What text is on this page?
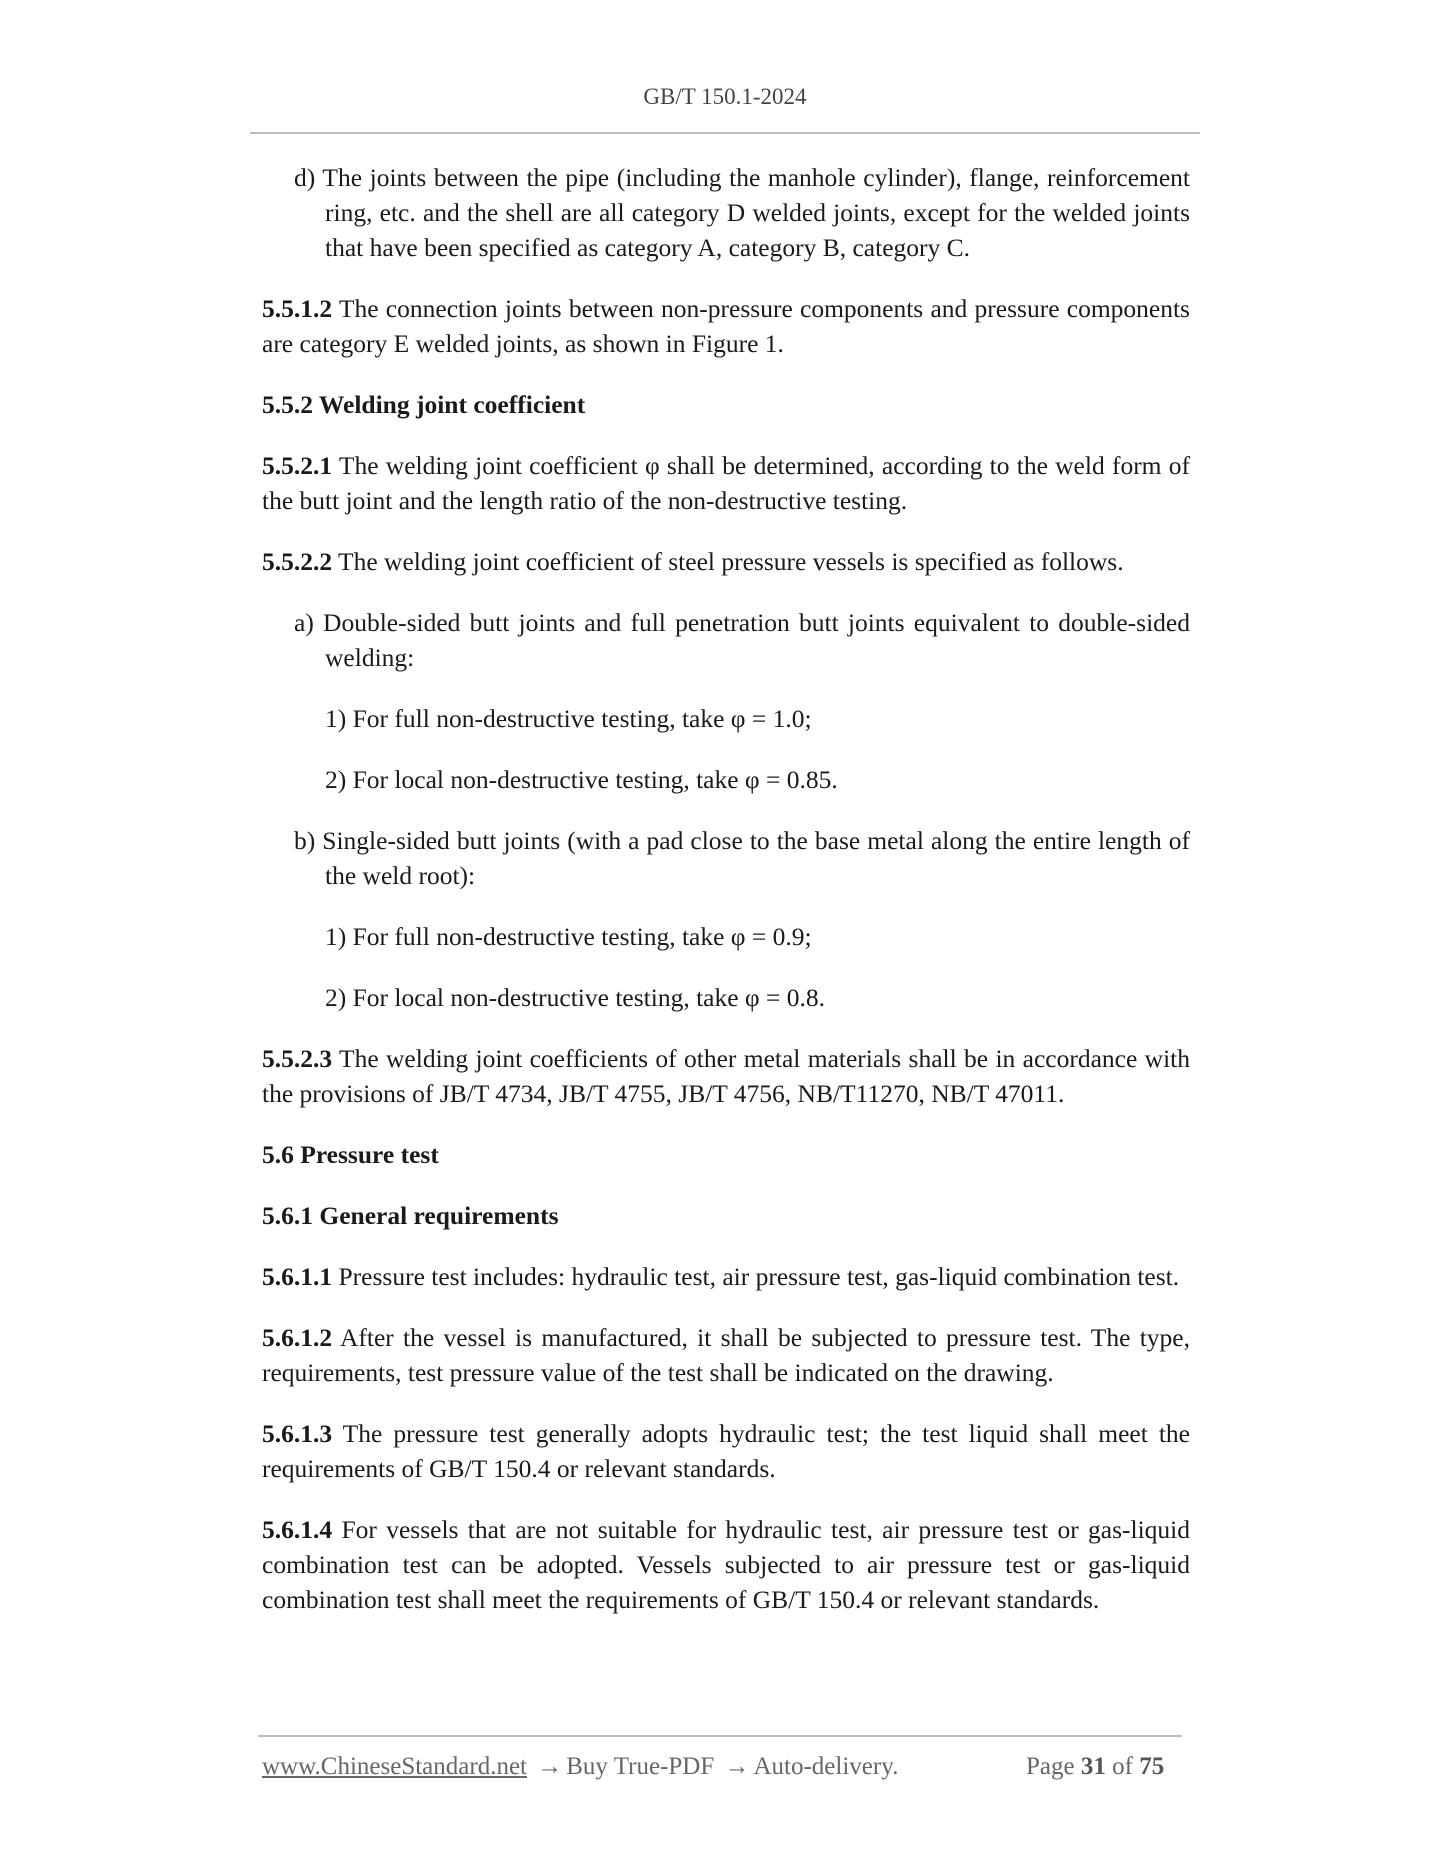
GB/T 150.1-2024

d) The joints between the pipe (including the manhole cylinder), flange, reinforcement ring, etc. and the shell are all category D welded joints, except for the welded joints that have been specified as category A, category B, category C.

5.5.1.2 The connection joints between non-pressure components and pressure components are category E welded joints, as shown in Figure 1.

5.5.2 Welding joint coefficient

5.5.2.1 The welding joint coefficient φ shall be determined, according to the weld form of the butt joint and the length ratio of the non-destructive testing.

5.5.2.2 The welding joint coefficient of steel pressure vessels is specified as follows.

a) Double-sided butt joints and full penetration butt joints equivalent to double-sided welding:

1) For full non-destructive testing, take φ = 1.0;

2) For local non-destructive testing, take φ = 0.85.

b) Single-sided butt joints (with a pad close to the base metal along the entire length of the weld root):

1) For full non-destructive testing, take φ = 0.9;

2) For local non-destructive testing, take φ = 0.8.

5.5.2.3 The welding joint coefficients of other metal materials shall be in accordance with the provisions of JB/T 4734, JB/T 4755, JB/T 4756, NB/T11270, NB/T 47011.

5.6 Pressure test

5.6.1 General requirements

5.6.1.1 Pressure test includes: hydraulic test, air pressure test, gas-liquid combination test.

5.6.1.2 After the vessel is manufactured, it shall be subjected to pressure test. The type, requirements, test pressure value of the test shall be indicated on the drawing.

5.6.1.3 The pressure test generally adopts hydraulic test; the test liquid shall meet the requirements of GB/T 150.4 or relevant standards.

5.6.1.4 For vessels that are not suitable for hydraulic test, air pressure test or gas-liquid combination test can be adopted. Vessels subjected to air pressure test or gas-liquid combination test shall meet the requirements of GB/T 150.4 or relevant standards.

www.ChineseStandard.net → Buy True-PDF → Auto-delivery.	Page 31 of 75
